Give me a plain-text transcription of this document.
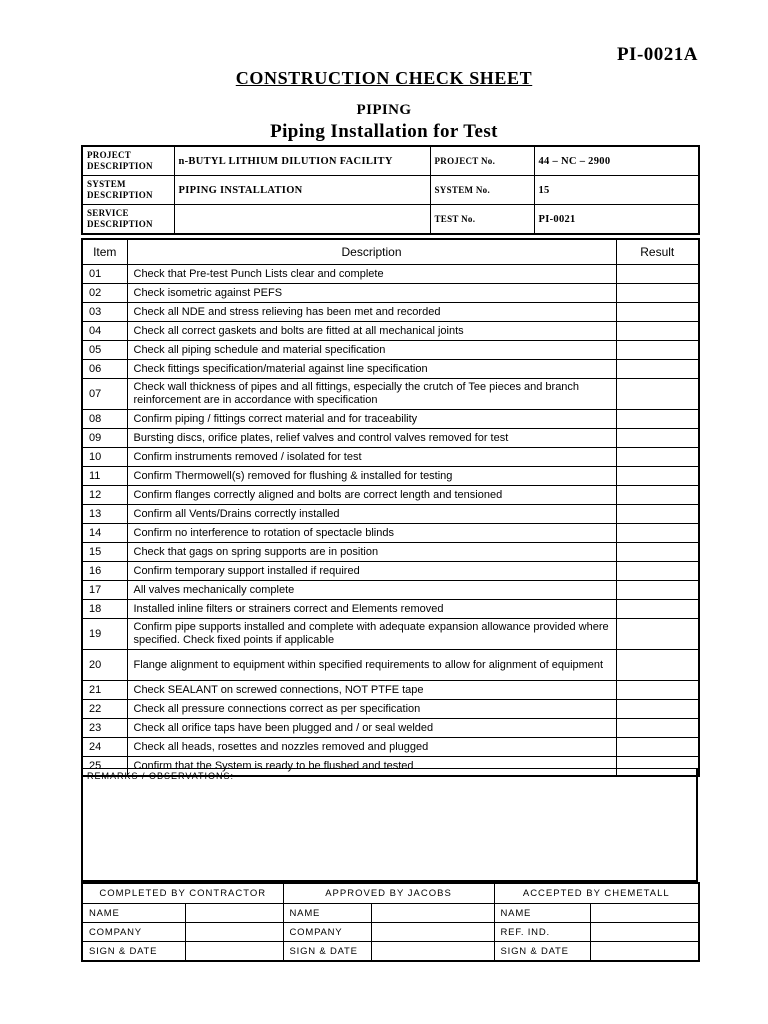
PI-0021A
CONSTRUCTION CHECK SHEET
PIPING
Piping Installation for Test
PROJECT DESCRIPTION	n-BUTYL LITHIUM DILUTION FACILITY	PROJECT No.	44 – NC – 2900
SYSTEM DESCRIPTION	PIPING INSTALLATION	SYSTEM No.	15
SERVICE DESCRIPTION		TEST No.	PI-0021
Item	Description	Result
01	Check that Pre-test Punch Lists clear and complete	
02	Check isometric against PEFS	
03	Check all NDE and stress relieving has been met and recorded	
04	Check all correct gaskets and bolts are fitted at all mechanical joints	
05	Check all piping schedule and material specification	
06	Check fittings specification/material against line specification	
07	Check wall thickness of pipes and all fittings, especially the crutch of Tee pieces and branch reinforcement are in accordance with specification	
08	Confirm piping / fittings correct material and for traceability	
09	Bursting discs, orifice plates, relief valves and control valves removed for test	
10	Confirm instruments removed / isolated for test	
11	Confirm Thermowell(s) removed for flushing & installed for testing	
12	Confirm flanges correctly aligned and bolts are correct length and tensioned	
13	Confirm all Vents/Drains correctly installed	
14	Confirm no interference to rotation of spectacle blinds	
15	Check that gags on spring supports are in position	
16	Confirm temporary support installed if required	
17	All valves mechanically complete	
18	Installed inline filters or strainers correct and Elements removed	
19	Confirm pipe supports installed and complete with adequate expansion allowance provided where specified. Check fixed points if applicable	
20	Flange alignment to equipment within specified requirements to allow for alignment of equipment	
21	Check SEALANT on screwed connections, NOT PTFE tape	
22	Check all pressure connections correct as per specification	
23	Check all orifice taps have been plugged and / or seal welded	
24	Check all heads, rosettes and nozzles removed and plugged	
25	Confirm that the System is ready to be flushed and tested	
REMARKS / OBSERVATIONS:
COMPLETED BY CONTRACTOR		APPROVED BY JACOBS		ACCEPTED BY CHEMETALL	
NAME		NAME		NAME	
COMPANY		COMPANY		REF. IND.	
SIGN & DATE		SIGN & DATE		SIGN & DATE	
